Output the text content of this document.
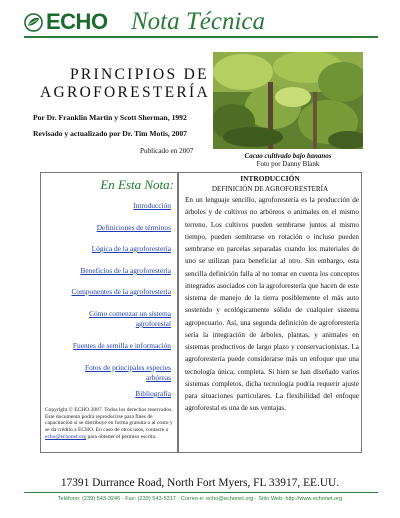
ECHO Nota Técnica
PRINCIPIOS DE
AGROFORESTERÍA
Por Dr. Franklin Martin y Scott Sherman, 1992
Revisado y actualizado por Dr. Tim Motis, 2007
Publicado en 2007
Cacao cultivado bajo bananos
Foto por Danny Blank
En Esta Nota:
Introducción
Definiciones de términos
Lógica de la agroforestería
Beneficios de la agroforestería
Componentes de la agroforestería
Cómo comenzar un sistema
agroforestal
Fuentes de semilla e información
Fotos de principales especies
arbóreas
Bibliografía
Copyright © ECHO 2007. Todos los derechos reservados. Este documento podrá reproducirse para fines de capacitación si se distribuye en forma gratuita o al costo y se da crédito a ECHO. En caso de otros usos, contacte a echo@echonet.org para obtener el permiso escrito.
INTRODUCCIÓN
DEFINICIÓN DE AGROFORESTERÍA
En un lenguaje sencillo, agroforestería es la producción de árboles y de cultivos no arbóreos o animales en el mismo terreno. Los cultivos pueden sembrarse juntos al mismo tiempo, pueden sembrarse en rotación o incluso pueden sembrarse en parcelas separadas cuando los materiales de uno se utilizan para beneficiar al otro. Sin embargo, esta sencilla definición falla al no tomar en cuenta los conceptos integrados asociados con la agroforestería que hacen de este sistema de manejo de la tierra posiblemente el más auto sostenido y ecológicamente sólido de cualquier sistema agropecuario. Así, una segunda definición de agroforestería sería la integración de árboles, plantas, y animales en sistemas productivos de largo plazo y conservacionistas. La agroforestería puede considerarse más un enfoque que una tecnología única, completa. Si bien se han diseñado varios sistemas completos, dicha tecnología podría requerir ajuste para situaciones particulares. La flexibilidad del enfoque agroforestal es una de sus ventajas.
17391 Durrance Road, North Fort Myers, FL 33917, EE.UU.
Teléfono: (239) 543-3246 · Fax: (239) 543-5317 · Correo-e: echo@echonet.org · Sitio Web: http://www.echonet.org
